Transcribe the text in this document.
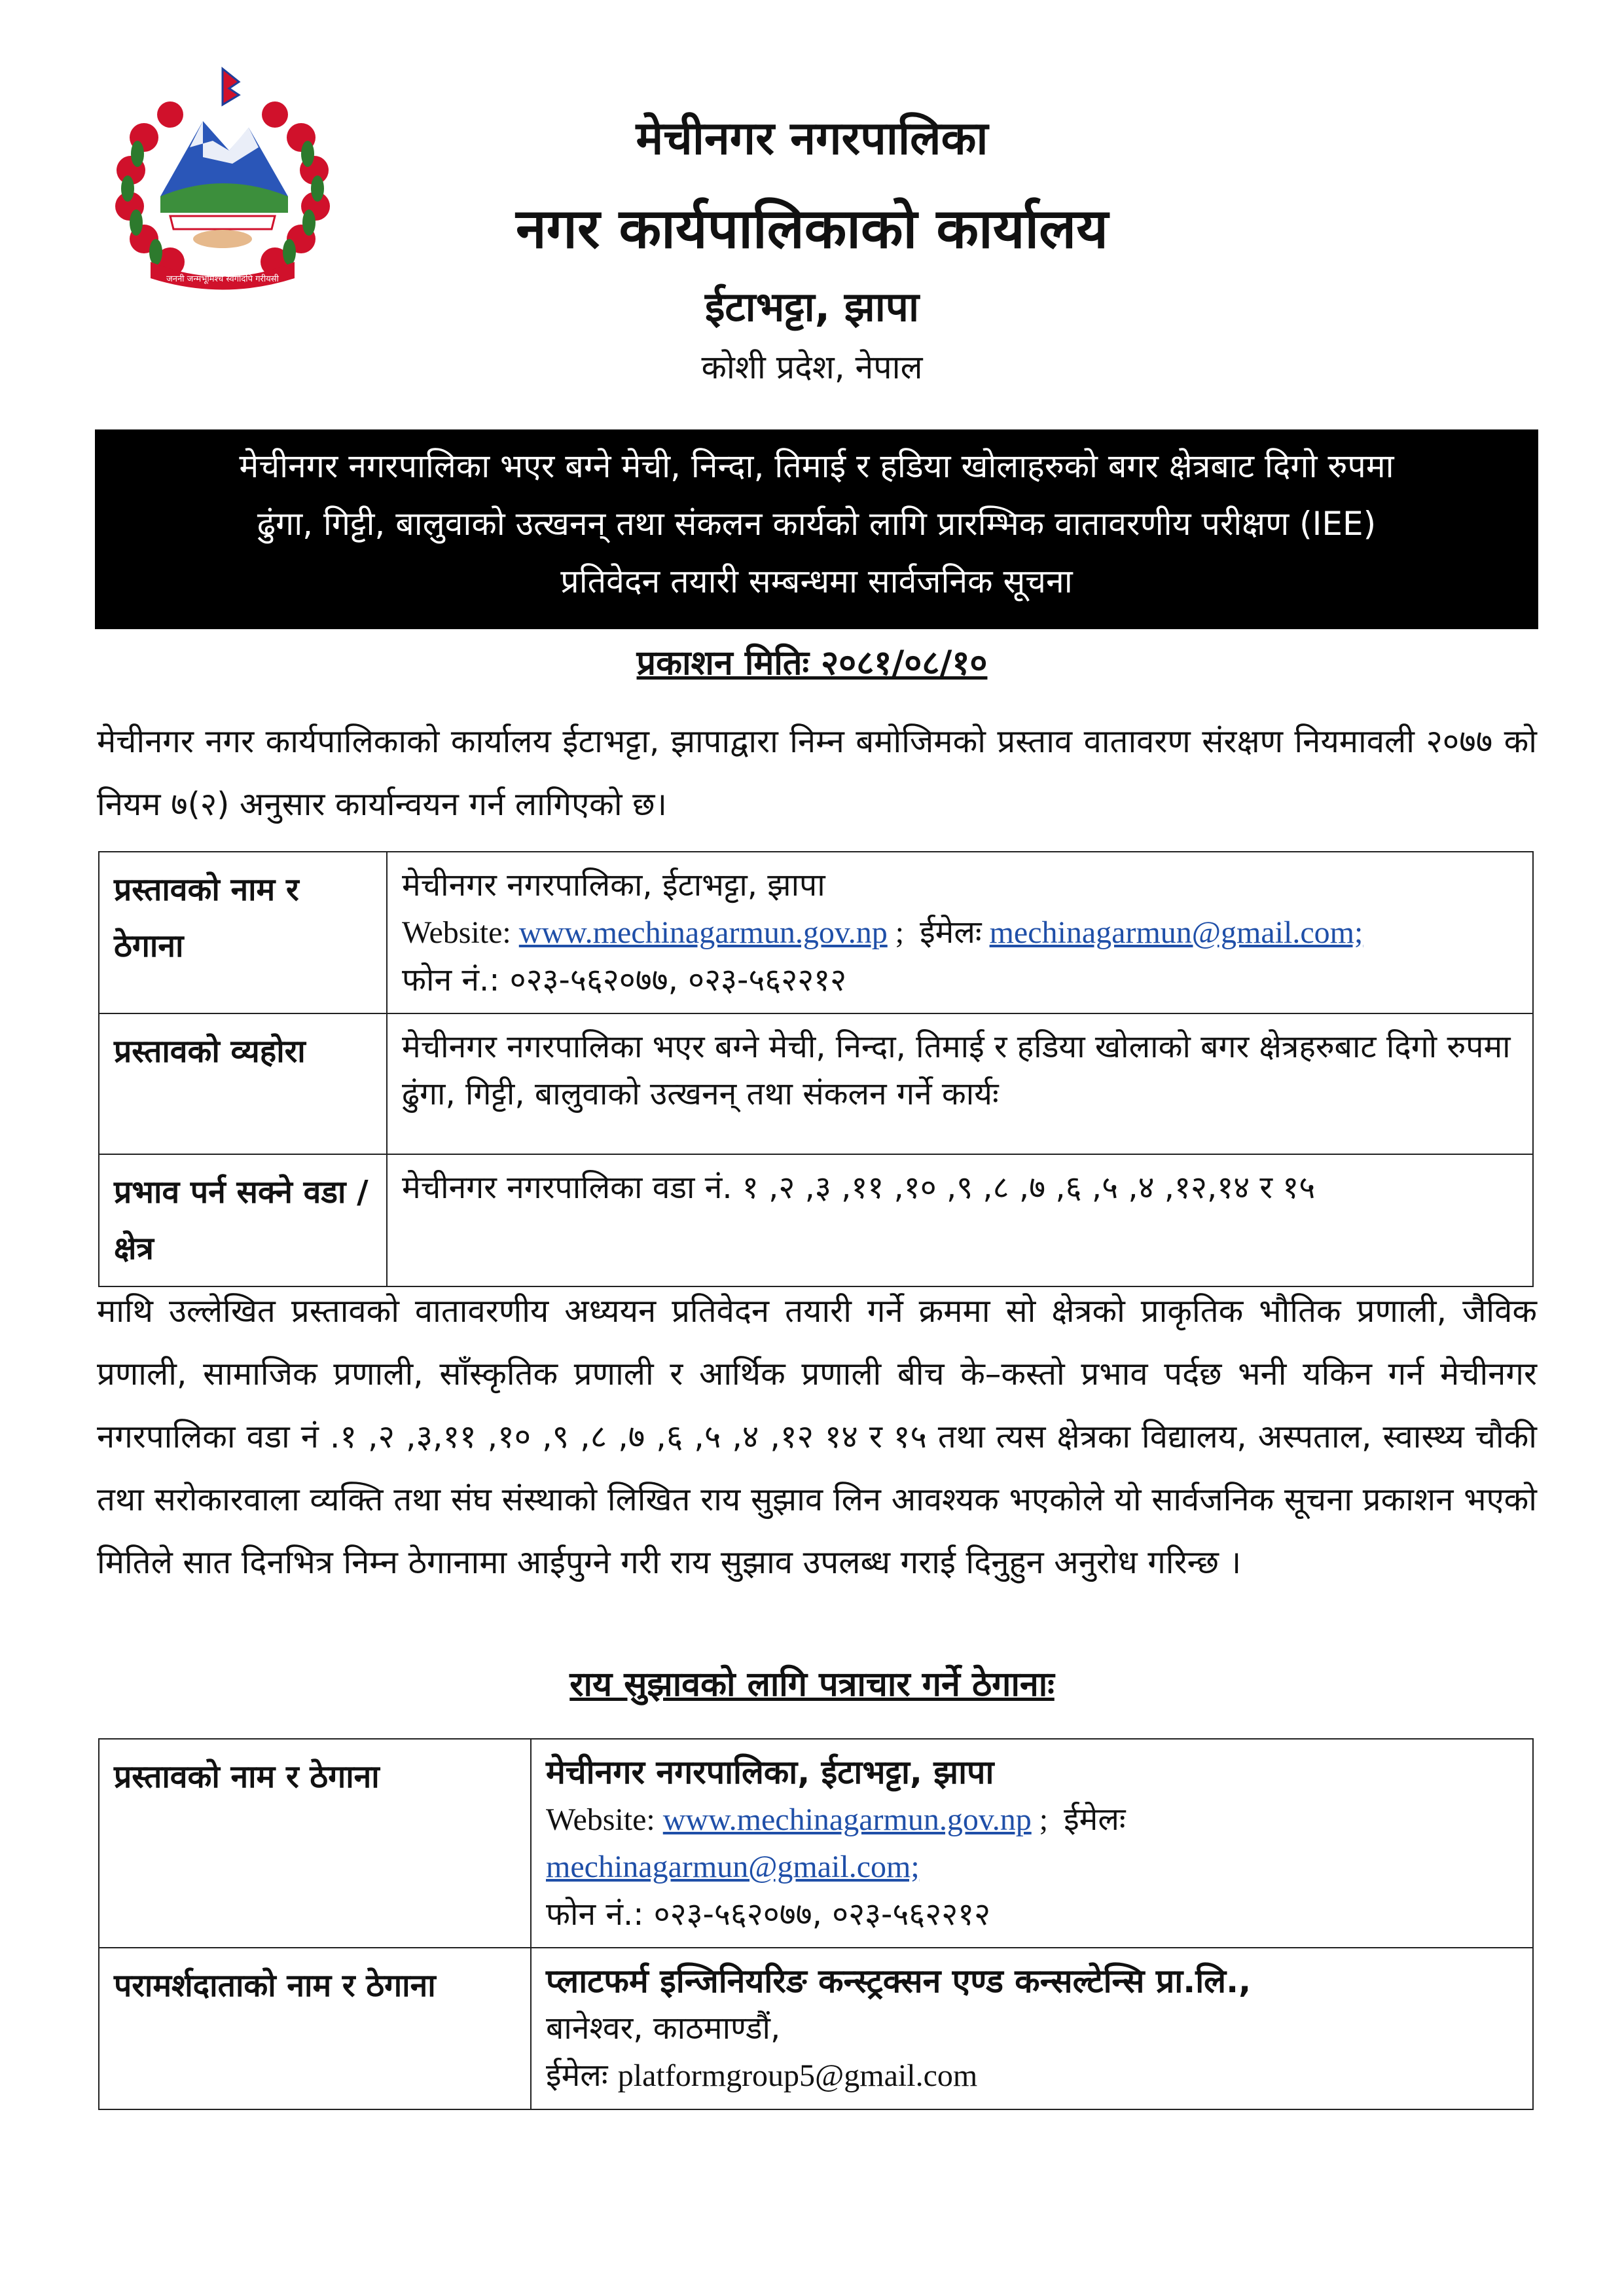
जननी जन्मभूमिश्च स्वर्गादपि गरीयसी
मेचीनगर नगरपालिका
नगर कार्यपालिकाको कार्यालय
ईटाभट्टा, झापा
कोशी प्रदेश, नेपाल
मेचीनगर नगरपालिका भएर बग्ने मेची, निन्दा, तिमाई र हडिया खोलाहरुको बगर क्षेत्रबाट दिगो रुपमा
ढुंगा, गिट्टी, बालुवाको उत्खनन् तथा संकलन कार्यको लागि प्रारम्भिक वातावरणीय परीक्षण (IEE)
प्रतिवेदन तयारी सम्बन्धमा सार्वजनिक सूचना
प्रकाशन मितिः २०८१/०८/१०
मेचीनगर नगर कार्यपालिकाको कार्यालय ईटाभट्टा, झापाद्वारा निम्न बमोजिमको प्रस्ताव वातावरण संरक्षण नियमावली २०७७ को नियम ७(२) अनुसार कार्यान्वयन गर्न लागिएको छ।
प्रस्तावको नाम र ठेगाना	मेचीनगर नगरपालिका, ईटाभट्टा, झापा
Website: www.mechinagarmun.gov.np ; ईमेलः mechinagarmun@gmail.com;
फोन नं.: ०२३-५६२०७७, ०२३-५६२२१२

प्रस्तावको व्यहोरा	मेचीनगर नगरपालिका भएर बग्ने मेची, निन्दा, तिमाई र हडिया खोलाको बगर क्षेत्रहरुबाट दिगो रुपमा ढुंगा, गिट्टी, बालुवाको उत्खनन् तथा संकलन गर्ने कार्यः
प्रभाव पर्न सक्ने वडा /क्षेत्र	मेचीनगर नगरपालिका वडा नं. १ ,२ ,३ ,११ ,१० ,९ ,८ ,७ ,६ ,५ ,४ ,१२,१४ र १५
माथि उल्लेखित प्रस्तावको वातावरणीय अध्ययन प्रतिवेदन तयारी गर्ने क्रममा सो क्षेत्रको प्राकृतिक भौतिक प्रणाली, जैविक प्रणाली, सामाजिक प्रणाली, साँस्कृतिक प्रणाली र आर्थिक प्रणाली बीच के–कस्तो प्रभाव पर्दछ भनी यकिन गर्न मेचीनगर नगरपालिका वडा नं .१ ,२ ,३,११ ,१० ,९ ,८ ,७ ,६ ,५ ,४ ,१२ १४ र १५ तथा त्यस क्षेत्रका विद्यालय, अस्पताल, स्वास्थ्य चौकी तथा सरोकारवाला व्यक्ति तथा संघ संस्थाको लिखित राय सुझाव लिन आवश्यक भएकोले यो सार्वजनिक सूचना प्रकाशन भएको मितिले सात दिनभित्र निम्न ठेगानामा आईपुग्ने गरी राय सुझाव उपलब्ध गराई दिनुहुन अनुरोध गरिन्छ ।
राय सुझावको लागि पत्राचार गर्ने ठेगानाः
प्रस्तावको नाम र ठेगाना	मेचीनगर नगरपालिका, ईटाभट्टा, झापा
Website: www.mechinagarmun.gov.np ; ईमेलः
mechinagarmun@gmail.com;
फोन नं.: ०२३-५६२०७७, ०२३-५६२२१२

परामर्शदाताको नाम र ठेगाना	प्लाटफर्म इन्जिनियरिङ कन्स्ट्रक्सन एण्ड कन्सल्टेन्सि प्रा.लि.,
बानेश्वर, काठमाण्डौं,
ईमेलः platformgroup5@gmail.com
